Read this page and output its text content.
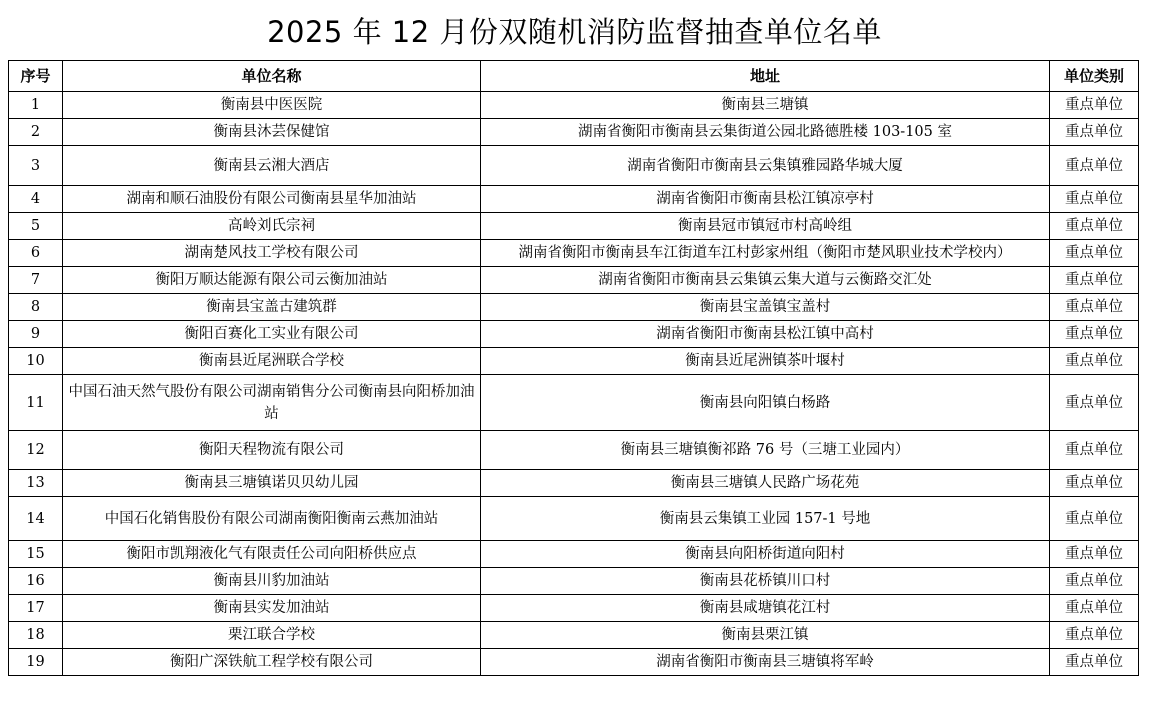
2025 年 12 月份双随机消防监督抽查单位名单
序号	单位名称	地址	单位类别
1	衡南县中医医院	衡南县三塘镇	重点单位
2	衡南县沐芸保健馆	湖南省衡阳市衡南县云集街道公园北路德胜楼 103-105 室	重点单位
3	衡南县云湘大酒店	湖南省衡阳市衡南县云集镇雅园路华城大厦	重点单位
4	湖南和顺石油股份有限公司衡南县星华加油站	湖南省衡阳市衡南县松江镇凉亭村	重点单位
5	高岭刘氏宗祠	衡南县冠市镇冠市村高岭组	重点单位
6	湖南楚风技工学校有限公司	湖南省衡阳市衡南县车江街道车江村彭家州组（衡阳市楚风职业技术学校内）	重点单位
7	衡阳万顺达能源有限公司云衡加油站	湖南省衡阳市衡南县云集镇云集大道与云衡路交汇处	重点单位
8	衡南县宝盖古建筑群	衡南县宝盖镇宝盖村	重点单位
9	衡阳百赛化工实业有限公司	湖南省衡阳市衡南县松江镇中高村	重点单位
10	衡南县近尾洲联合学校	衡南县近尾洲镇茶叶堰村	重点单位
11	中国石油天然气股份有限公司湖南销售分公司衡南县向阳桥加油站	衡南县向阳镇白杨路	重点单位
12	衡阳天程物流有限公司	衡南县三塘镇衡祁路 76 号（三塘工业园内）	重点单位
13	衡南县三塘镇诺贝贝幼儿园	衡南县三塘镇人民路广场花苑	重点单位
14	中国石化销售股份有限公司湖南衡阳衡南云燕加油站	衡南县云集镇工业园 157-1 号地	重点单位
15	衡阳市凯翔液化气有限责任公司向阳桥供应点	衡南县向阳桥街道向阳村	重点单位
16	衡南县川豹加油站	衡南县花桥镇川口村	重点单位
17	衡南县实发加油站	衡南县咸塘镇花江村	重点单位
18	栗江联合学校	衡南县栗江镇	重点单位
19	衡阳广深铁航工程学校有限公司	湖南省衡阳市衡南县三塘镇将军岭	重点单位
